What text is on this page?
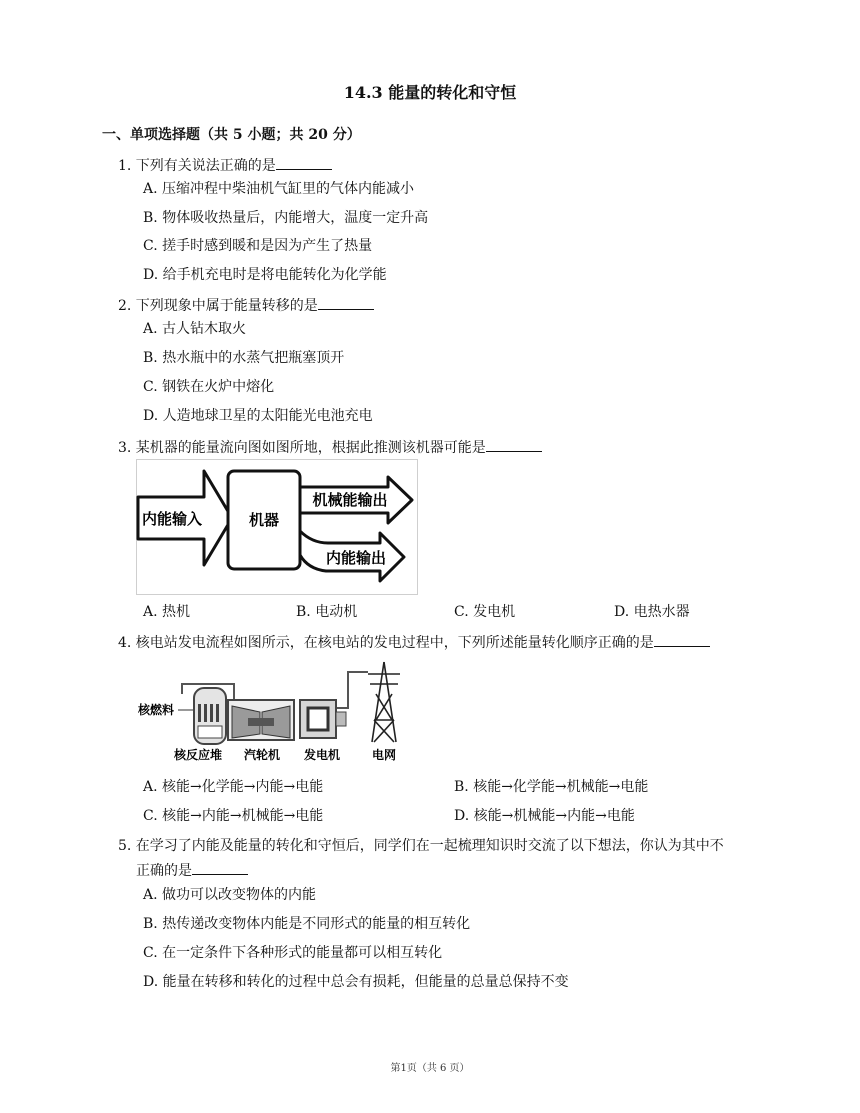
14.3 能量的转化和守恒
一、单项选择题（共 5 小题；共 20 分）
1. 下列有关说法正确的是
A. 压缩冲程中柴油机气缸里的气体内能减小
B. 物体吸收热量后，内能增大，温度一定升高
C. 搓手时感到暖和是因为产生了热量
D. 给手机充电时是将电能转化为化学能
2. 下列现象中属于能量转移的是
A. 古人钻木取火
B. 热水瓶中的水蒸气把瓶塞顶开
C. 钢铁在火炉中熔化
D. 人造地球卫星的太阳能光电池充电
3. 某机器的能量流向图如图所地，根据此推测该机器可能是
内能输入	机器
机械能输出
内能输出
A. 热机	B. 电动机	C. 发电机	D. 电热水器
4. 核电站发电流程如图所示，在核电站的发电过程中，下列所述能量转化顺序正确的是
核燃料
核反应堆 汽轮机 发电机	电网
A. 核能→化学能→内能→电能	B. 核能→化学能→机械能→电能
C. 核能→内能→机械能→电能	D. 核能→机械能→内能→电能
5. 在学习了内能及能量的转化和守恒后，同学们在一起梳理知识时交流了以下想法，你认为其中不
正确的是
A. 做功可以改变物体的内能
B. 热传递改变物体内能是不同形式的能量的相互转化
C. 在一定条件下各种形式的能量都可以相互转化
D. 能量在转移和转化的过程中总会有损耗，但能量的总量总保持不变
第1页（共 6 页）
